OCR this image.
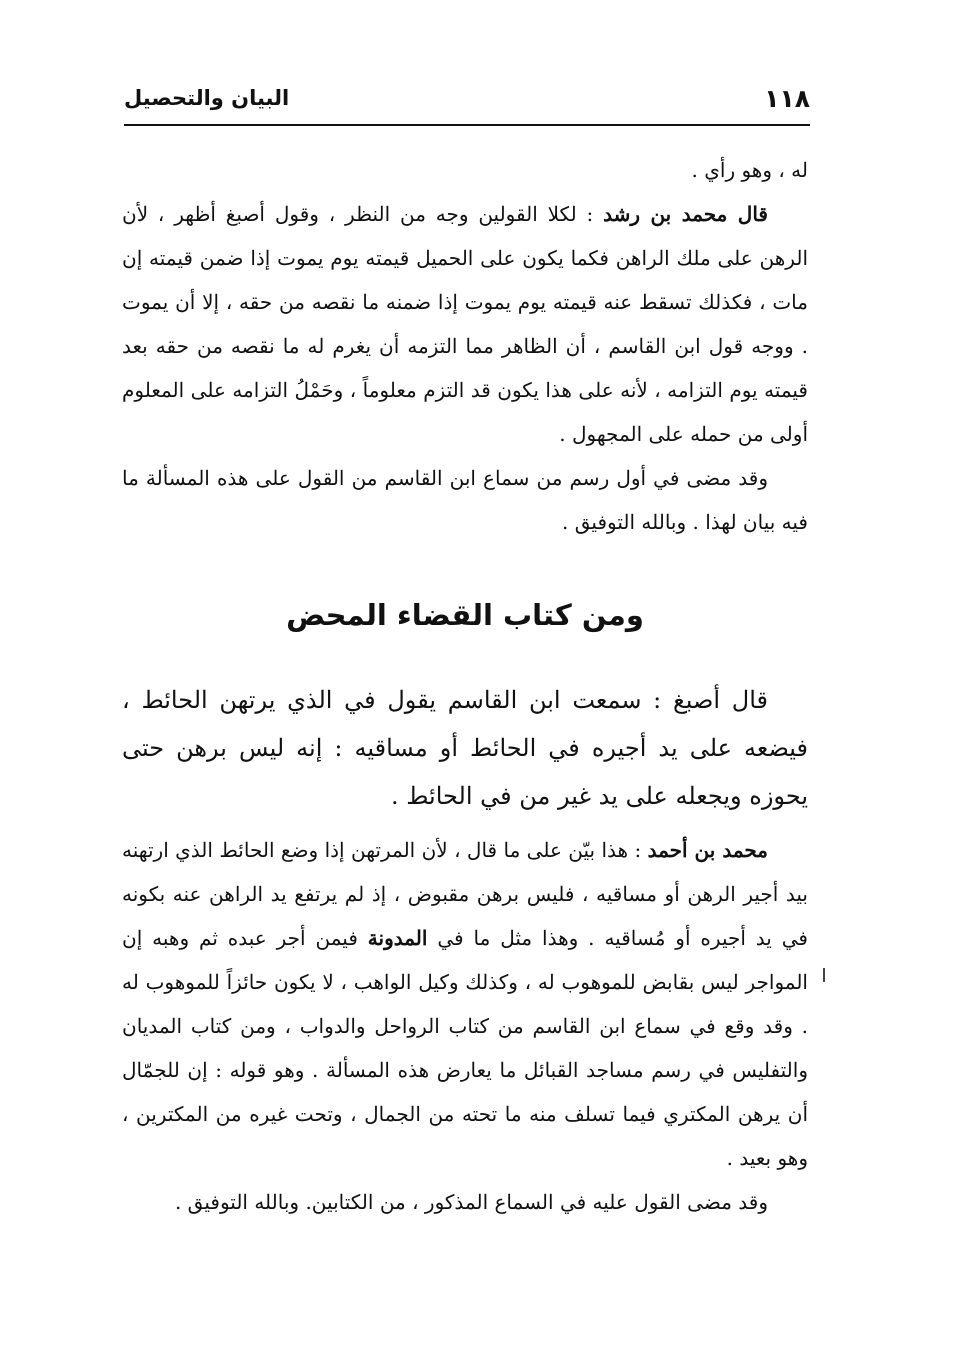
١١٨
البيان والتحصيل

له ، وهو رأي .

قال محمد بن رشد : لكلا القولين وجه من النظر ، وقول أصبغ أظهر ، لأن الرهن على ملك الراهن فكما يكون على الحميل قيمته يوم يموت إذا ضمن قيمته إن مات ، فكذلك تسقط عنه قيمته يوم يموت إذا ضمنه ما نقصه من حقه ، إلا أن يموت . ووجه قول ابن القاسم ، أن الظاهر مما التزمه أن يغرم له ما نقصه من حقه بعد قيمته يوم التزامه ، لأنه على هذا يكون قد التزم معلوماً ، وحَمْلُ التزامه على المعلوم أولى من حمله على المجهول .

وقد مضى في أول رسم من سماع ابن القاسم من القول على هذه المسألة ما فيه بيان لهذا . وبالله التوفيق .

ومن كتاب القضاء المحض

قال أصبغ : سمعت ابن القاسم يقول في الذي يرتهن الحائط ، فيضعه على يد أجيره في الحائط أو مساقيه : إنه ليس برهن حتى يحوزه ويجعله على يد غير من في الحائط .

محمد بن أحمد : هذا بيّن على ما قال ، لأن المرتهن إذا وضع الحائط الذي ارتهنه بيد أجير الرهن أو مساقيه ، فليس برهن مقبوض ، إذ لم يرتفع يد الراهن عنه بكونه في يد أجيره أو مُساقيه . وهذا مثل ما في المدونة فيمن أجر عبده ثم وهبه إن المواجر ليس بقابض للموهوب له ، وكذلك وكيل الواهب ، لا يكون حائزاً للموهوب له . وقد وقع في سماع ابن القاسم من كتاب الرواحل والدواب ، ومن كتاب المديان والتفليس في رسم مساجد القبائل ما يعارض هذه المسألة . وهو قوله : إن للجمّال أن يرهن المكتري فيما تسلف منه ما تحته من الجمال ، وتحت غيره من المكترين ، وهو بعيد .

وقد مضى القول عليه في السماع المذكور ، من الكتابين. وبالله التوفيق .
